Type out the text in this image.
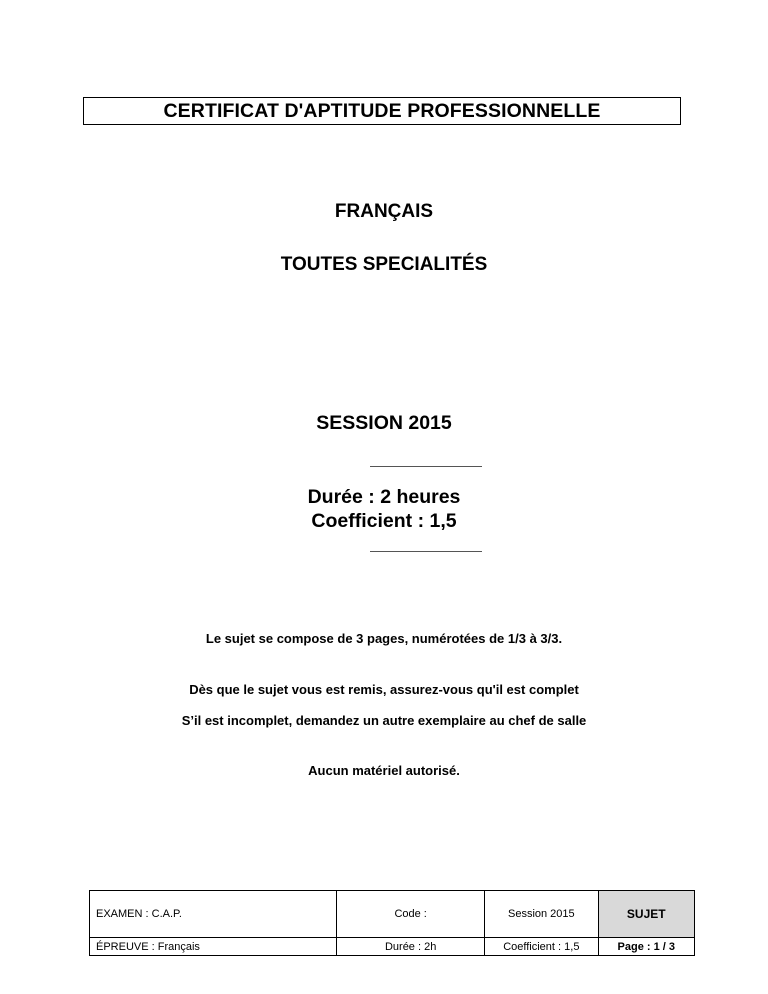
CERTIFICAT D'APTITUDE PROFESSIONNELLE
FRANÇAIS
TOUTES SPECIALITÉS
SESSION 2015
Durée : 2 heures
Coefficient : 1,5
Le sujet se compose de 3 pages, numérotées de 1/3 à 3/3.
Dès que le sujet vous est remis, assurez-vous qu'il est complet
S’il est incomplet, demandez un autre exemplaire au chef de salle
Aucun matériel autorisé.
EXAMEN : C.A.P.	Code :	Session 2015	SUJET
ÉPREUVE : Français	Durée : 2h	Coefficient : 1,5	Page : 1 / 3
